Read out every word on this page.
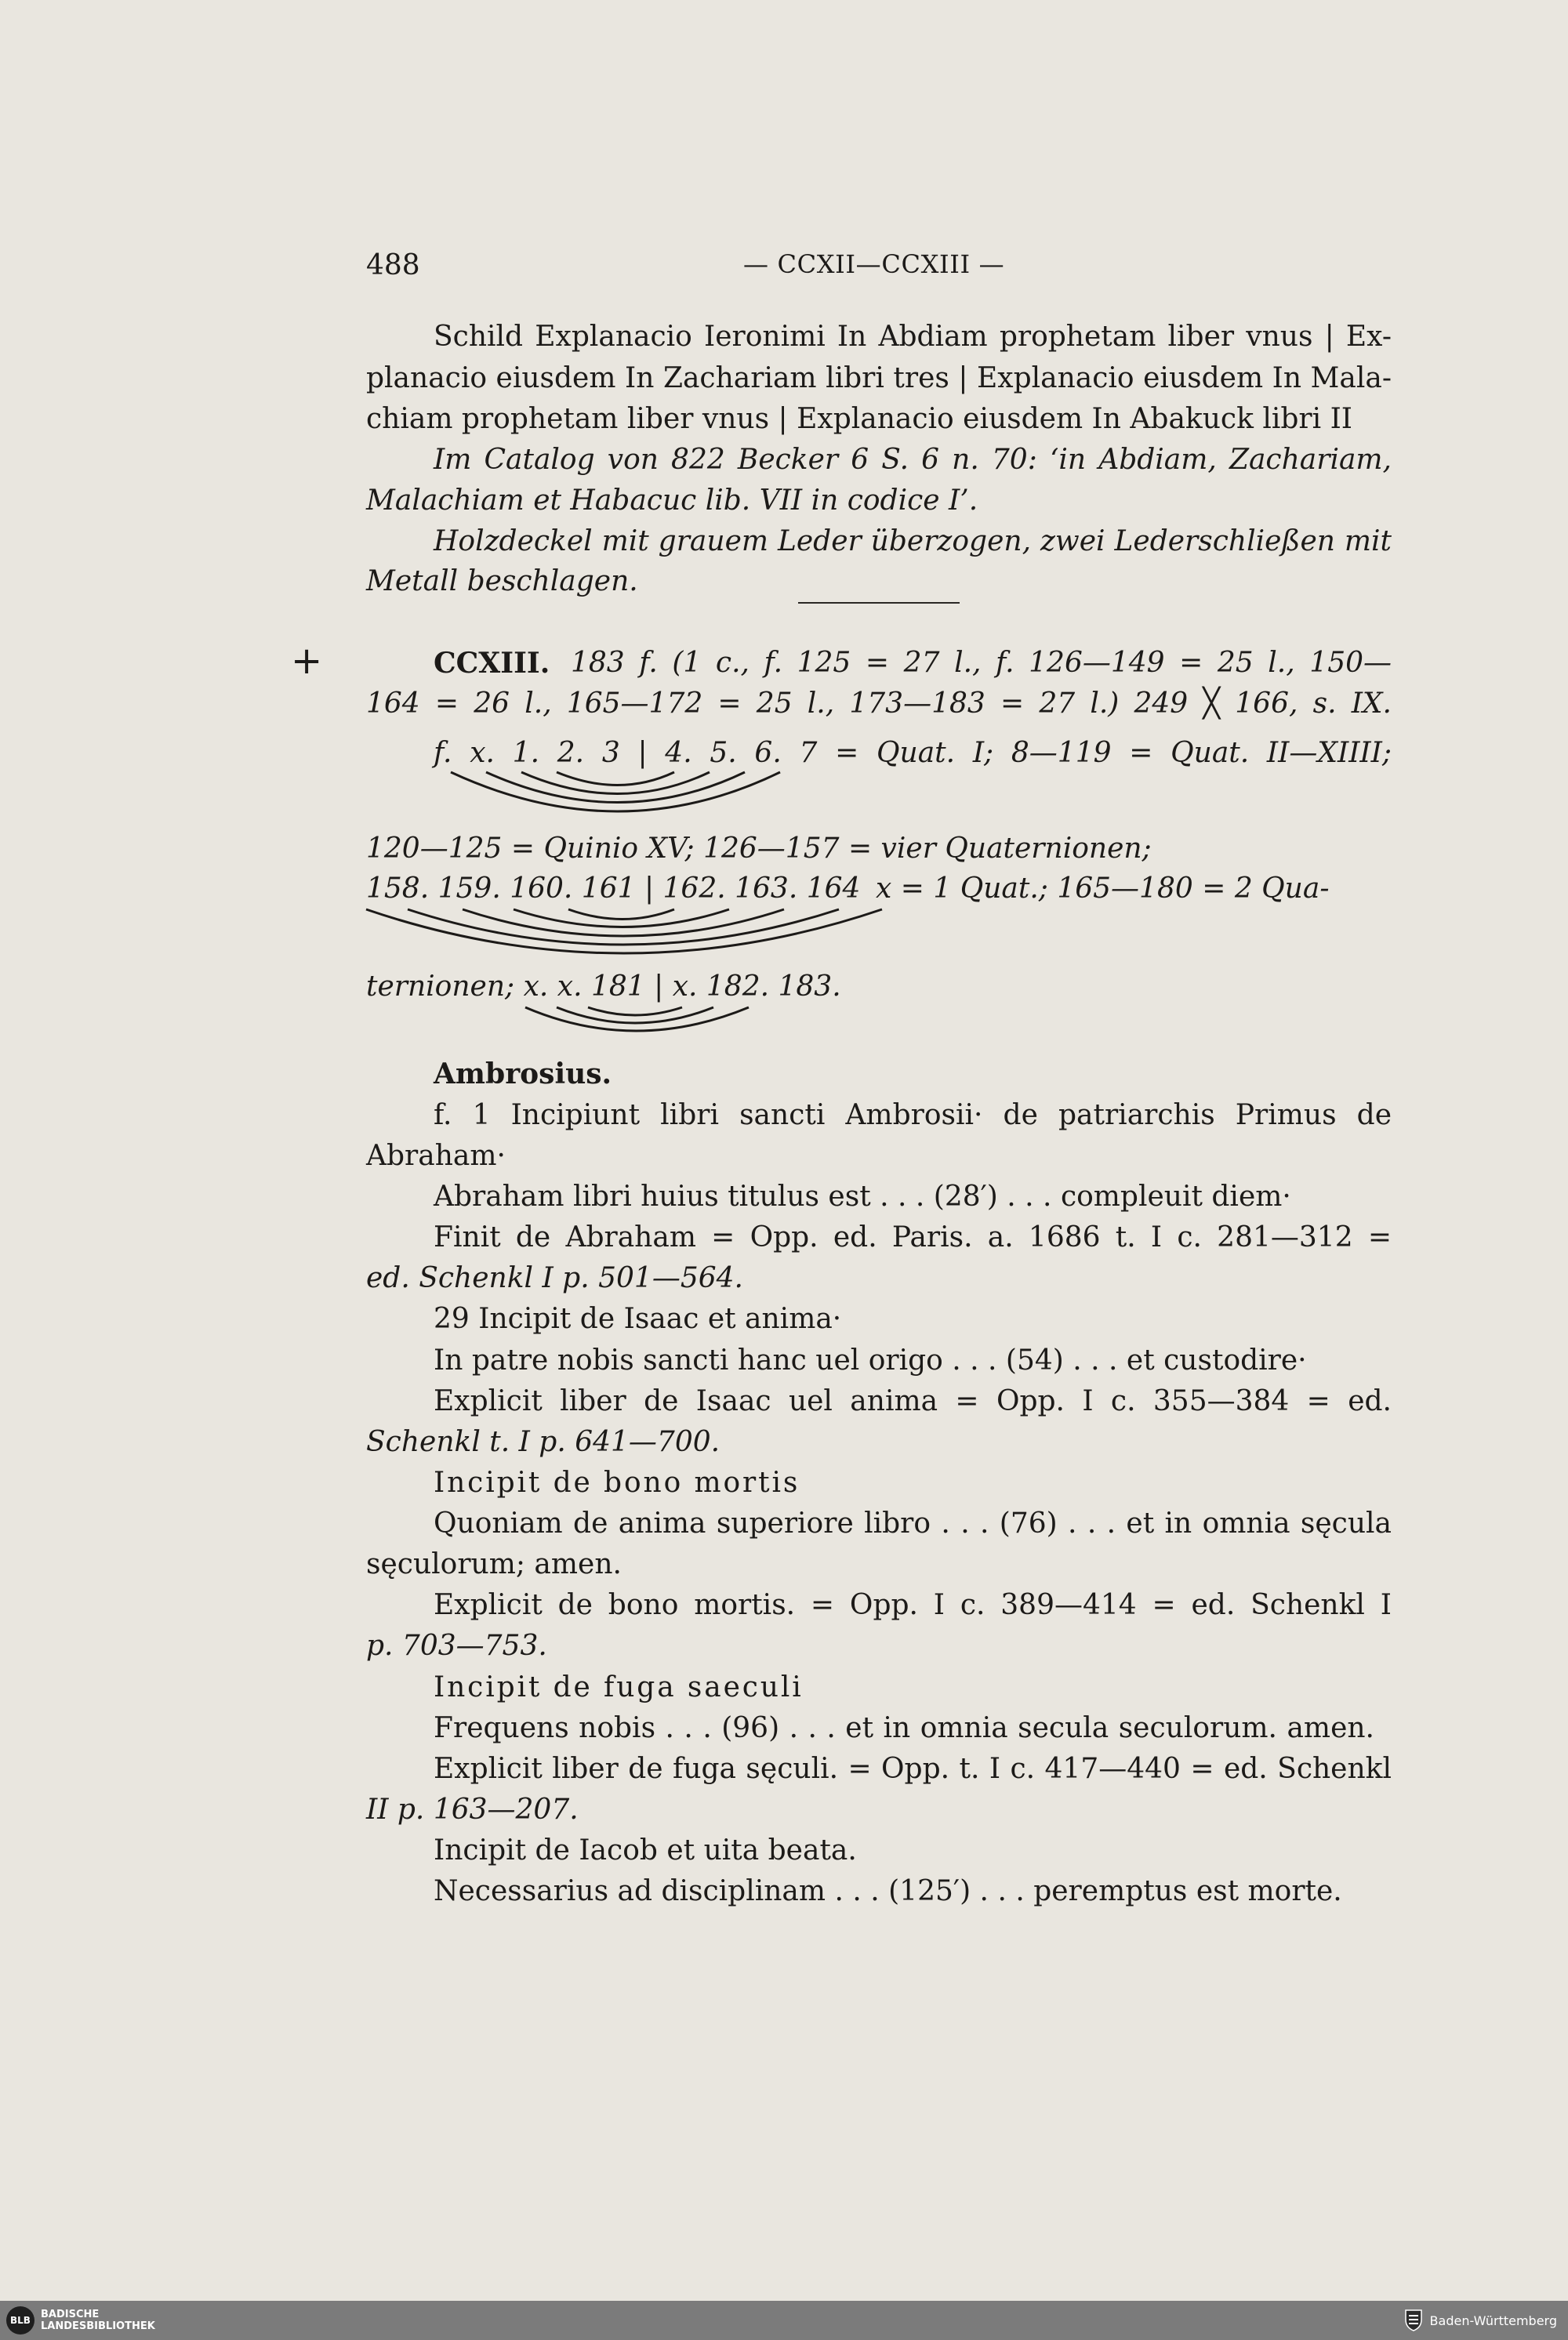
488	— CCXII—CCXIII —
Schild Explanacio Ieronimi In Abdiam prophetam liber vnus | Ex-
planacio eiusdem In Zachariam libri tres | Explanacio eiusdem In Mala-
chiam prophetam liber vnus | Explanacio eiusdem In Abakuck libri II
Im Catalog von 822 Becker 6 S. 6 n. 70: ‘in Abdiam, Zachariam,
Malachiam et Habacuc lib. VII in codice I’.
Holzdeckel mit grauem Leder überzogen, zwei Lederschließen mit
Metall beschlagen.
+	CCXIII. 183 f. (1 c., f. 125 = 27 l., f. 126—149 = 25 l., 150—
164 = 26 l., 165—172 = 25 l., 173—183 = 27 l.) 249 ╳ 166, s. IX.
f. x. 1. 2. 3 | 4. 5. 6. 7 = Quat. I; 8—119 = Quat. II—XIIII;
120—125 = Quinio XV; 126—157 = vier Quaternionen;
158. 159. 160. 161 | 162. 163. 164 x = 1 Quat.; 165—180 = 2 Qua-
ternionen; x. x. 181 | x. 182. 183.
Ambrosius.
f. 1 Incipiunt libri sancti Ambrosii· de patriarchis Primus de
Abraham·
Abraham libri huius titulus est . . . (28′) . . . compleuit diem·
Finit de Abraham = Opp. ed. Paris. a. 1686 t. I c. 281—312 =
ed. Schenkl I p. 501—564.
29 Incipit de Isaac et anima·
In patre nobis sancti hanc uel origo . . . (54) . . . et custodire·
Explicit liber de Isaac uel anima = Opp. I c. 355—384 = ed.
Schenkl t. I p. 641—700.
Incipit de bono mortis
Quoniam de anima superiore libro . . . (76) . . . et in omnia sęcula
sęculorum; amen.
Explicit de bono mortis. = Opp. I c. 389—414 = ed. Schenkl I
p. 703—753.
Incipit de fuga saeculi
Frequens nobis . . . (96) . . . et in omnia secula seculorum. amen.
Explicit liber de fuga sęculi. = Opp. t. I c. 417—440 = ed. Schenkl
II p. 163—207.
Incipit de Iacob et uita beata.
Necessarius ad disciplinam . . . (125′) . . . peremptus est morte.
BLB	BADISCHE
LANDESBIBLIOTHEK	Baden-Württemberg
